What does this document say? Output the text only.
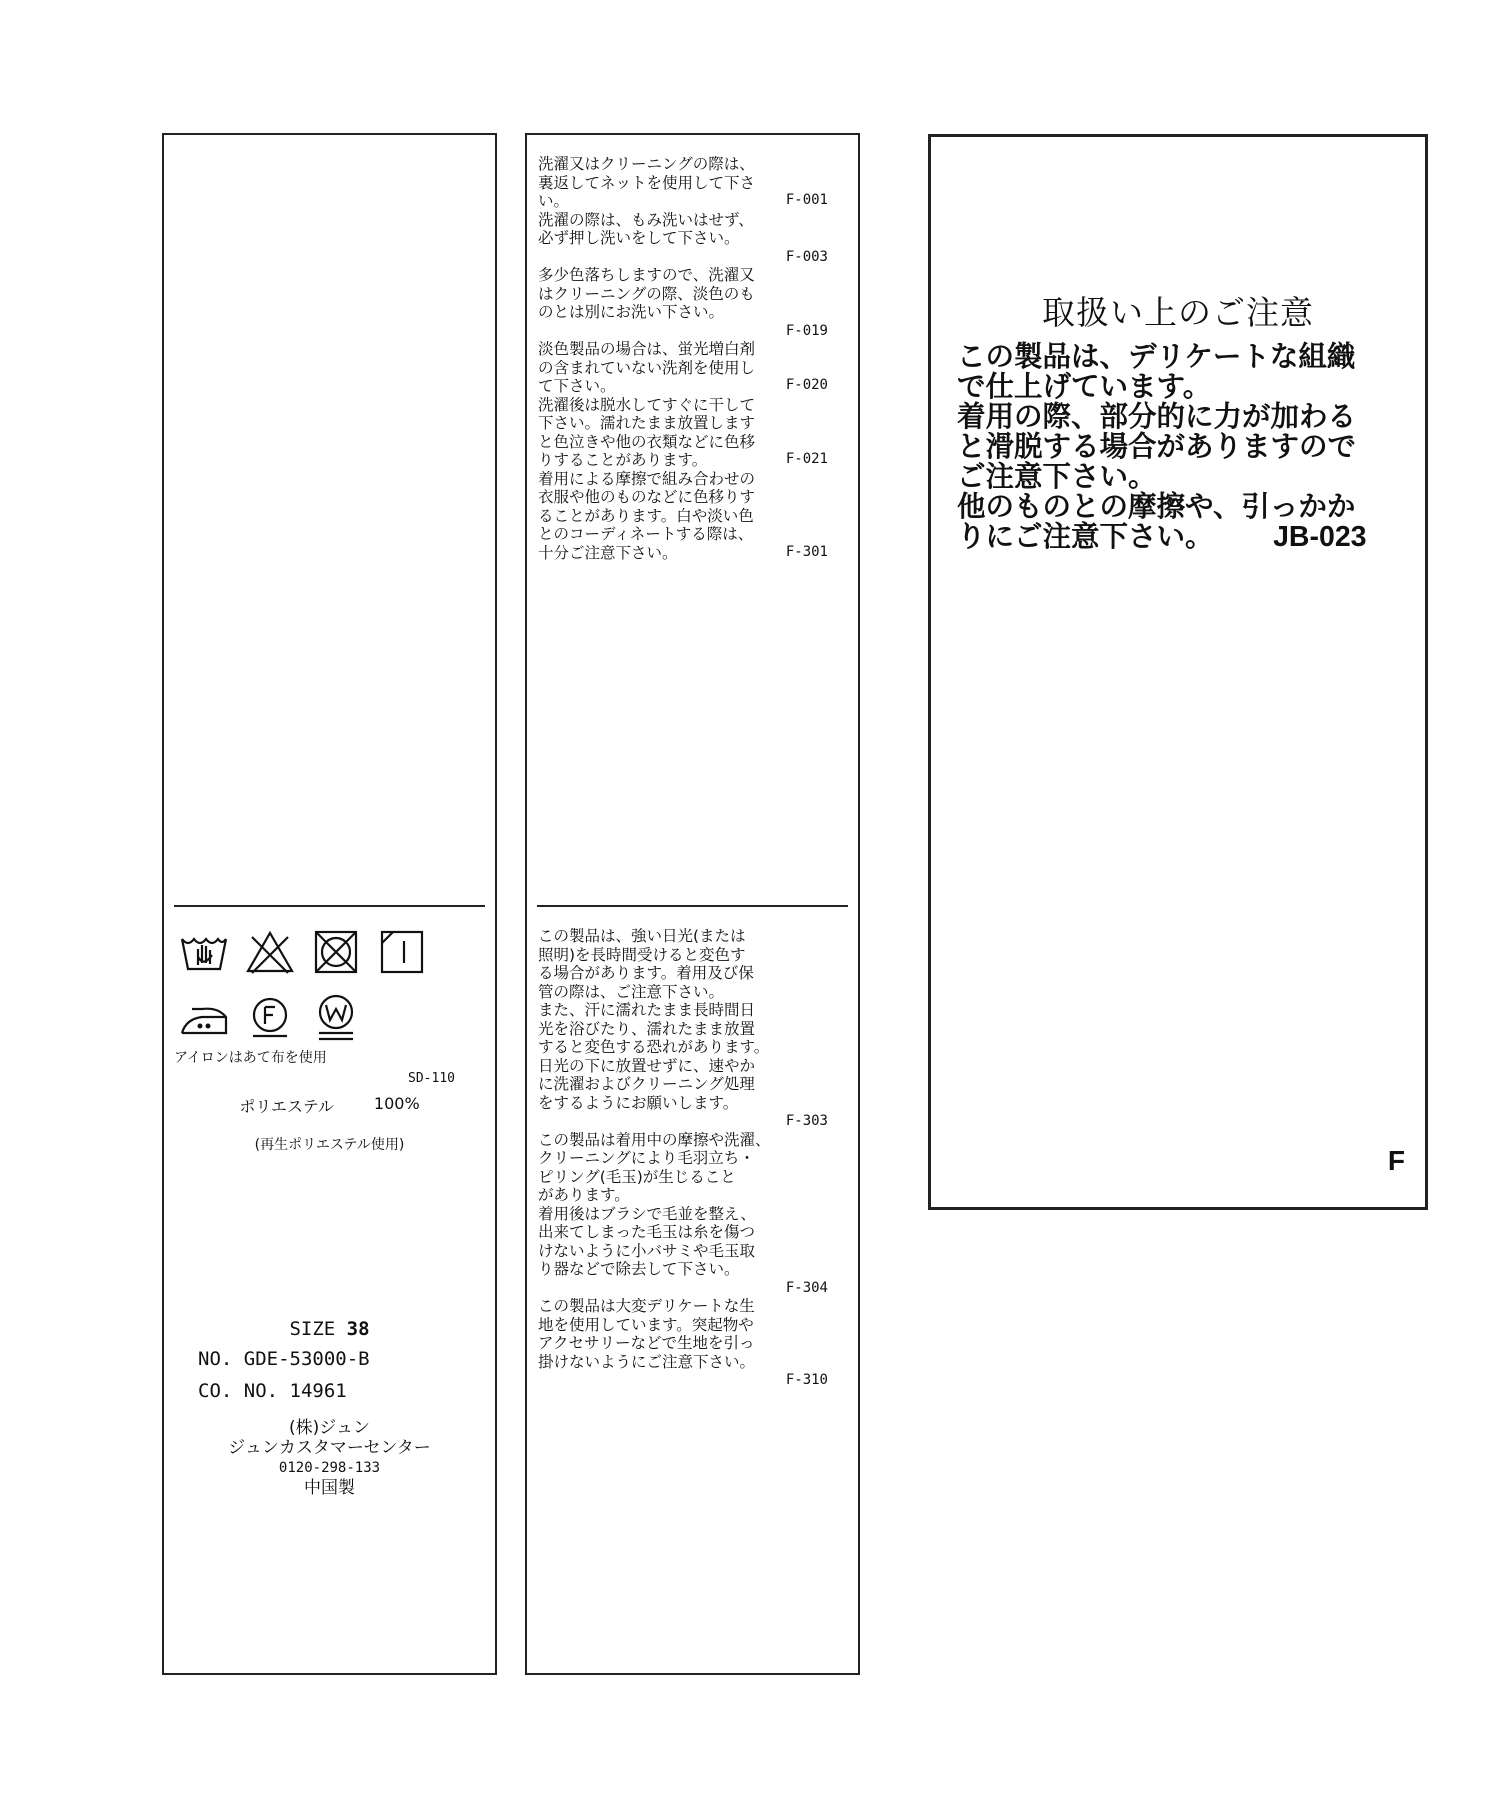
アイロンはあて布を使用
SD-110
ポリエステル	100%
(再生ポリエステル使用)
SIZE 38
NO. GDE-53000-B
CO. NO. 14961
(株)ジュン
ジュンカスタマーセンター
0120-298-133
中国製
洗濯又はクリーニングの際は、
裏返してネットを使用して下さ
い。	F-001
洗濯の際は、もみ洗いはせず、
必ず押し洗いをして下さい。
F-003
多少色落ちしますので、洗濯又
はクリーニングの際、淡色のも
のとは別にお洗い下さい。
F-019
淡色製品の場合は、蛍光増白剤
の含まれていない洗剤を使用し
て下さい。	F-020
洗濯後は脱水してすぐに干して
下さい。濡れたまま放置します
と色泣きや他の衣類などに色移
りすることがあります。	F-021
着用による摩擦で組み合わせの
衣服や他のものなどに色移りす
ることがあります。白や淡い色
とのコーディネートする際は、
十分ご注意下さい。	F-301
この製品は、強い日光(または
照明)を長時間受けると変色す
る場合があります。着用及び保
管の際は、ご注意下さい。
また、汗に濡れたまま長時間日
光を浴びたり、濡れたまま放置
すると変色する恐れがあります。
日光の下に放置せずに、速やか
に洗濯およびクリーニング処理
をするようにお願いします。
F-303
この製品は着用中の摩擦や洗濯、
クリーニングにより毛羽立ち・
ピリング(毛玉)が生じること
があります。
着用後はブラシで毛並を整え、
出来てしまった毛玉は糸を傷つ
けないように小バサミや毛玉取
り器などで除去して下さい。
F-304
この製品は大変デリケートな生
地を使用しています。突起物や
アクセサリーなどで生地を引っ
掛けないようにご注意下さい。
F-310
取扱い上のご注意
この製品は、デリケートな組織
で仕上げています。
着用の際、部分的に力が加わる
と滑脱する場合がありますので
ご注意下さい。
他のものとの摩擦や、引っかか
りにご注意下さい。 JB-023
F
